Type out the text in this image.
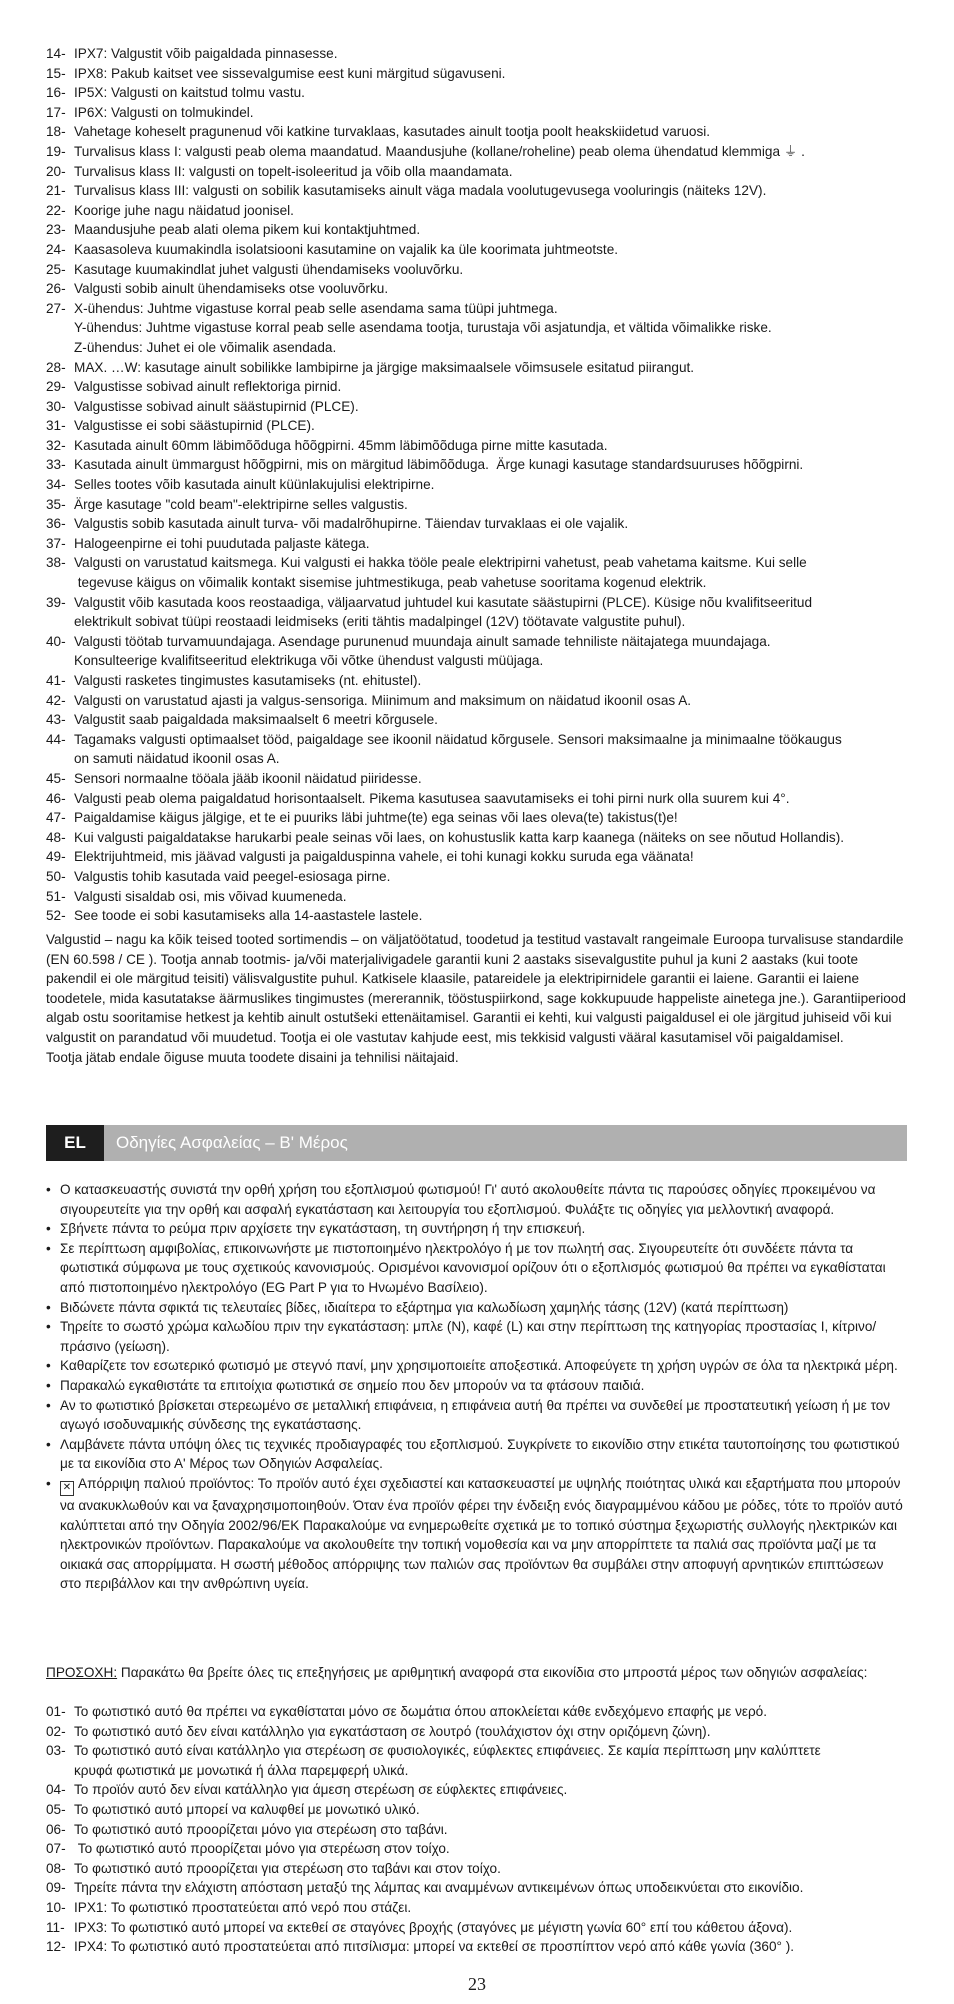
14- IPX7: Valgustit võib paigaldada pinnasesse.
15- IPX8: Pakub kaitset vee sissevalgumise eest kuni märgitud sügavuseni.
16- IP5X: Valgusti on kaitstud tolmu vastu.
17- IP6X: Valgusti on tolmukindel.
18- Vahetage koheselt pragunenud või katkine turvaklaas, kasutades ainult tootja poolt heakskiidetud varuosi.
19- Turvalisus klass I: valgusti peab olema maandatud. Maandusjuhe (kollane/roheline) peab olema ühendatud klemmiga ⏚ .
20- Turvalisus klass II: valgusti on topelt-isoleeritud ja võib olla maandamata.
21- Turvalisus klass III: valgusti on sobilik kasutamiseks ainult väga madala voolutugevusega vooluringis (näiteks 12V).
22- Koorige juhe nagu näidatud joonisel.
23- Maandusjuhe peab alati olema pikem kui kontaktjuhtmed.
24- Kaasasoleva kuumakindla isolatsiooni kasutamine on vajalik ka üle koorimata juhtmeotste.
25- Kasutage kuumakindlat juhet valgusti ühendamiseks vooluvõrku.
26- Valgusti sobib ainult ühendamiseks otse vooluvõrku.
27- X-ühendus: Juhtme vigastuse korral peab selle asendama sama tüüpi juhtmega.
Y-ühendus: Juhtme vigastuse korral peab selle asendama tootja, turustaja või asjatundja, et vältida võimalikke riske.
Z-ühendus: Juhet ei ole võimalik asendada.
28- MAX. …W: kasutage ainult sobilikke lambipirne ja järgige maksimaalsele võimsusele esitatud piirangut.
29- Valgustisse sobivad ainult reflektoriga pirnid.
30- Valgustisse sobivad ainult säästupirnid (PLCE).
31- Valgustisse ei sobi säästupirnid (PLCE).
32- Kasutada ainult 60mm läbimõõduga hõõgpirni. 45mm läbimõõduga pirne mitte kasutada.
33- Kasutada ainult ümmargust hõõgpirni, mis on märgitud läbimõõduga.  Ärge kunagi kasutage standardsuuruses hõõgpirni.
34- Selles tootes võib kasutada ainult küünlakujulisi elektripirne.
35- Ärge kasutage "cold beam"-elektripirne selles valgustis.
36- Valgustis sobib kasutada ainult turva- või madalrõhupirne. Täiendav turvaklaas ei ole vajalik.
37- Halogeenpirne ei tohi puudutada paljaste kätega.
38- Valgusti on varustatud kaitsmega. Kui valgusti ei hakka tööle peale elektripirni vahetust, peab vahetama kaitsme. Kui selle
tegevuse käigus on võimalik kontakt sisemise juhtmestikuga, peab vahetuse sooritama kogenud elektrik.
39- Valgustit võib kasutada koos reostaadiga, väljaarvatud juhtudel kui kasutate säästupirni (PLCE). Küsige nõu kvalifitseeritud
elektrikult sobivat tüüpi reostaadi leidmiseks (eriti tähtis madalpingel (12V) töötavate valgustite puhul).
40- Valgusti töötab turvamuundajaga. Asendage purunenud muundaja ainult samade tehniliste näitajatega muundajaga.
Konsulteerige kvalifitseeritud elektrikuga või võtke ühendust valgusti müüjaga.
41- Valgusti rasketes tingimustes kasutamiseks (nt. ehitustel).
42- Valgusti on varustatud ajasti ja valgus-sensoriga. Miinimum and maksimum on näidatud ikoonil osas A.
43- Valgustit saab paigaldada maksimaalselt 6 meetri kõrgusele.
44- Tagamaks valgusti optimaalset tööd, paigaldage see ikoonil näidatud kõrgusele. Sensori maksimaalne ja minimaalne töökaugus
on samuti näidatud ikoonil osas A.
45- Sensori normaalne tööala jääb ikoonil näidatud piiridesse.
46- Valgusti peab olema paigaldatud horisontaalselt. Pikema kasutusea saavutamiseks ei tohi pirni nurk olla suurem kui 4°.
47- Paigaldamise käigus jälgige, et te ei puuriks läbi juhtme(te) ega seinas või laes oleva(te) takistus(t)e!
48- Kui valgusti paigaldatakse harukarbi peale seinas või laes, on kohustuslik katta karp kaanega (näiteks on see nõutud Hollandis).
49- Elektrijuhtmeid, mis jäävad valgusti ja paigalduspinna vahele, ei tohi kunagi kokku suruda ega väänata!
50- Valgustis tohib kasutada vaid peegel-esiosaga pirne.
51- Valgusti sisaldab osi, mis võivad kuumeneda.
52- See toode ei sobi kasutamiseks alla 14-aastastele lastele.

Valgustid – nagu ka kõik teised tooted sortimendis – on väljatöötatud, toodetud ja testitud vastavalt rangeimale Euroopa turvalisuse standardile (EN 60.598 / CE ). Tootja annab tootmis- ja/või materjalivigadele garantii kuni 2 aastaks sisevalgustite puhul ja kuni 2 aastaks (kui toote pakendil ei ole märgitud teisiti) välisvalgustite puhul. Katkisele klaasile, patareidele ja elektripirnidele garantii ei laiene. Garantii ei laiene toodetele, mida kasutatakse äärmuslikes tingimustes (mererannik, tööstuspiirkond, sage kokkupuude happeliste ainetega jne.). Garantiiperiood algab ostu sooritamise hetkest ja kehtib ainult ostutšeki ettenäitamisel. Garantii ei kehti, kui valgusti paigaldusel ei ole järgitud juhiseid või kui valgustit on parandatud või muudetud. Tootja ei ole vastutav kahjude eest, mis tekkisid valgusti vääral kasutamisel või paigaldamisel.

Tootja jätab endale õiguse muuta toodete disaini ja tehnilisi näitajaid.

EL	Οδηγίες Ασφαλείας – Β' Μέρος
• Ο κατασκευαστής συνιστά την ορθή χρήση του εξοπλισμού φωτισμού! Γι' αυτό ακολουθείτε πάντα τις παρούσες οδηγίες προκειμένου να σιγουρευτείτε για την ορθή και ασφαλή εγκατάσταση και λειτουργία του εξοπλισμού. Φυλάξτε τις οδηγίες για μελλοντική αναφορά.
• Σβήνετε πάντα το ρεύμα πριν αρχίσετε την εγκατάσταση, τη συντήρηση ή την επισκευή.
• Σε περίπτωση αμφιβολίας, επικοινωνήστε με πιστοποιημένο ηλεκτρολόγο ή με τον πωλητή σας. Σιγουρευτείτε ότι συνδέετε πάντα τα φωτιστικά σύμφωνα με τους σχετικούς κανονισμούς. Ορισμένοι κανονισμοί ορίζουν ότι ο εξοπλισμός φωτισμού θα πρέπει να εγκαθίσταται από πιστοποιημένο ηλεκτρολόγο (EG Part P για το Ηνωμένο Βασίλειο).
• Βιδώνετε πάντα σφικτά τις τελευταίες βίδες, ιδιαίτερα το εξάρτημα για καλωδίωση χαμηλής τάσης (12V) (κατά περίπτωση)
• Τηρείτε το σωστό χρώμα καλωδίου πριν την εγκατάσταση: μπλε (N), καφέ (L) και στην περίπτωση της κατηγορίας προστασίας I, κίτρινο/ πράσινο (γείωση).
• Καθαρίζετε τον εσωτερικό φωτισμό με στεγνό πανί, μην χρησιμοποιείτε αποξεστικά. Αποφεύγετε τη χρήση υγρών σε όλα τα ηλεκτρικά μέρη.
• Παρακαλώ εγκαθιστάτε τα επιτοίχια φωτιστικά σε σημείο που δεν μπορούν να τα φτάσουν παιδιά.
• Αν το φωτιστικό βρίσκεται στερεωμένο σε μεταλλική επιφάνεια, η επιφάνεια αυτή θα πρέπει να συνδεθεί με προστατευτική γείωση ή με τον αγωγό ισοδυναμικής σύνδεσης της εγκατάστασης.
• Λαμβάνετε πάντα υπόψη όλες τις τεχνικές προδιαγραφές του εξοπλισμού. Συγκρίνετε το εικονίδιο στην ετικέτα ταυτοποίησης του φωτιστικού με τα εικονίδια στο Α' Μέρος των Οδηγιών Ασφαλείας.
•	✕ Απόρριψη παλιού προϊόντος: Το προϊόν αυτό έχει σχεδιαστεί και κατασκευαστεί με υψηλής ποιότητας υλικά και εξαρτήματα που μπορούν να ανακυκλωθούν και να ξαναχρησιμοποιηθούν. Όταν ένα προϊόν φέρει την ένδειξη ενός διαγραμμένου κάδου με ρόδες, τότε το προϊόν αυτό καλύπτεται από την Οδηγία 2002/96/EK Παρακαλούμε να ενημερωθείτε σχετικά με το τοπικό σύστημα ξεχωριστής συλλογής ηλεκτρικών και ηλεκτρονικών προϊόντων. Παρακαλούμε να ακολουθείτε την τοπική νομοθεσία και να μην απορρίπτετε τα παλιά σας προϊόντα μαζί με τα οικιακά σας απορρίμματα. Η σωστή μέθοδος απόρριψης των παλιών σας προϊόντων θα συμβάλει στην αποφυγή αρνητικών επιπτώσεων στο περιβάλλον και την ανθρώπινη υγεία.

ΠΡΟΣΟΧΗ: Παρακάτω θα βρείτε όλες τις επεξηγήσεις με αριθμητική αναφορά στα εικονίδια στο μπροστά μέρος των οδηγιών ασφαλείας:

01- Το φωτιστικό αυτό θα πρέπει να εγκαθίσταται μόνο σε δωμάτια όπου αποκλείεται κάθε ενδεχόμενο επαφής με νερό.
02- Το φωτιστικό αυτό δεν είναι κατάλληλο για εγκατάσταση σε λουτρό (τουλάχιστον όχι στην οριζόμενη ζώνη).
03- Το φωτιστικό αυτό είναι κατάλληλο για στερέωση σε φυσιολογικές, εύφλεκτες επιφάνειες. Σε καμία περίπτωση μην καλύπτετε
κρυφά φωτιστικά με μονωτικά ή άλλα παρεμφερή υλικά.
04- Το προϊόν αυτό δεν είναι κατάλληλο για άμεση στερέωση σε εύφλεκτες επιφάνειες.
05- Το φωτιστικό αυτό μπορεί να καλυφθεί με μονωτικό υλικό.
06- Το φωτιστικό αυτό προορίζεται μόνο για στερέωση στο ταβάνι.
07- Το φωτιστικό αυτό προορίζεται μόνο για στερέωση στον τοίχο.
08- Το φωτιστικό αυτό προορίζεται για στερέωση στο ταβάνι και στον τοίχο.
09- Τηρείτε πάντα την ελάχιστη απόσταση μεταξύ της λάμπας και αναμμένων αντικειμένων όπως υποδεικνύεται στο εικονίδιο.
10- IPX1: Το φωτιστικό προστατεύεται από νερό που στάζει.
11- IPX3: Το φωτιστικό αυτό μπορεί να εκτεθεί σε σταγόνες βροχής (σταγόνες με μέγιστη γωνία 60° επί του κάθετου άξονα).
12- IPX4: Το φωτιστικό αυτό προστατεύεται από πιτσίλισμα: μπορεί να εκτεθεί σε προσπίπτον νερό από κάθε γωνία (360° ).
23
